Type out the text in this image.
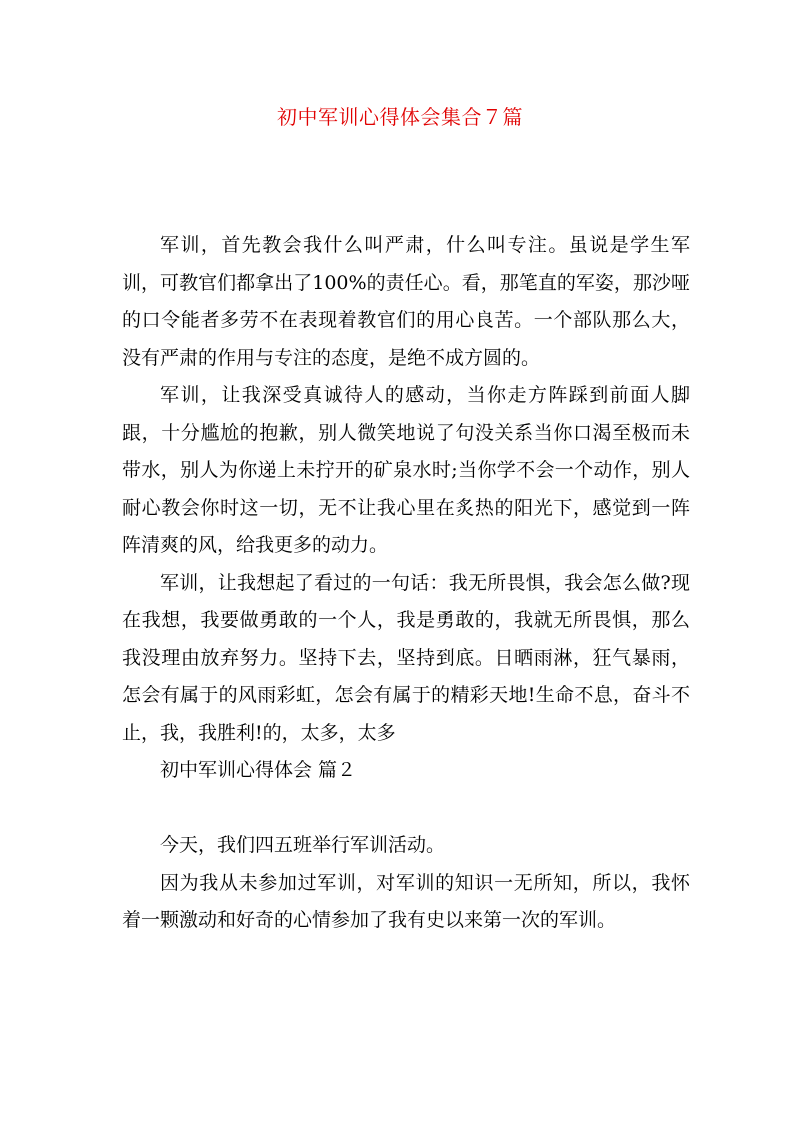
初中军训心得体会集合７篇

军训，首先教会我什么叫严肃，什么叫专注。虽说是学生军训，可教官们都拿出了100%的责任心。看，那笔直的军姿，那沙哑的口令能者多劳不在表现着教官们的用心良苦。一个部队那么大，没有严肃的作用与专注的态度，是绝不成方圆的。

军训，让我深受真诚待人的感动，当你走方阵踩到前面人脚跟，十分尴尬的抱歉，别人微笑地说了句没关系当你口渴至极而未带水，别人为你递上未拧开的矿泉水时;当你学不会一个动作，别人耐心教会你时这一切，无不让我心里在炙热的阳光下，感觉到一阵阵清爽的风，给我更多的动力。

军训，让我想起了看过的一句话：我无所畏惧，我会怎么做?现在我想，我要做勇敢的一个人，我是勇敢的，我就无所畏惧，那么我没理由放弃努力。坚持下去，坚持到底。日晒雨淋，狂气暴雨，怎会有属于的风雨彩虹，怎会有属于的精彩天地!生命不息，奋斗不止，我，我胜利!的，太多，太多

初中军训心得体会 篇２

今天，我们四五班举行军训活动。

因为我从未参加过军训，对军训的知识一无所知，所以，我怀着一颗激动和好奇的心情参加了我有史以来第一次的军训。
